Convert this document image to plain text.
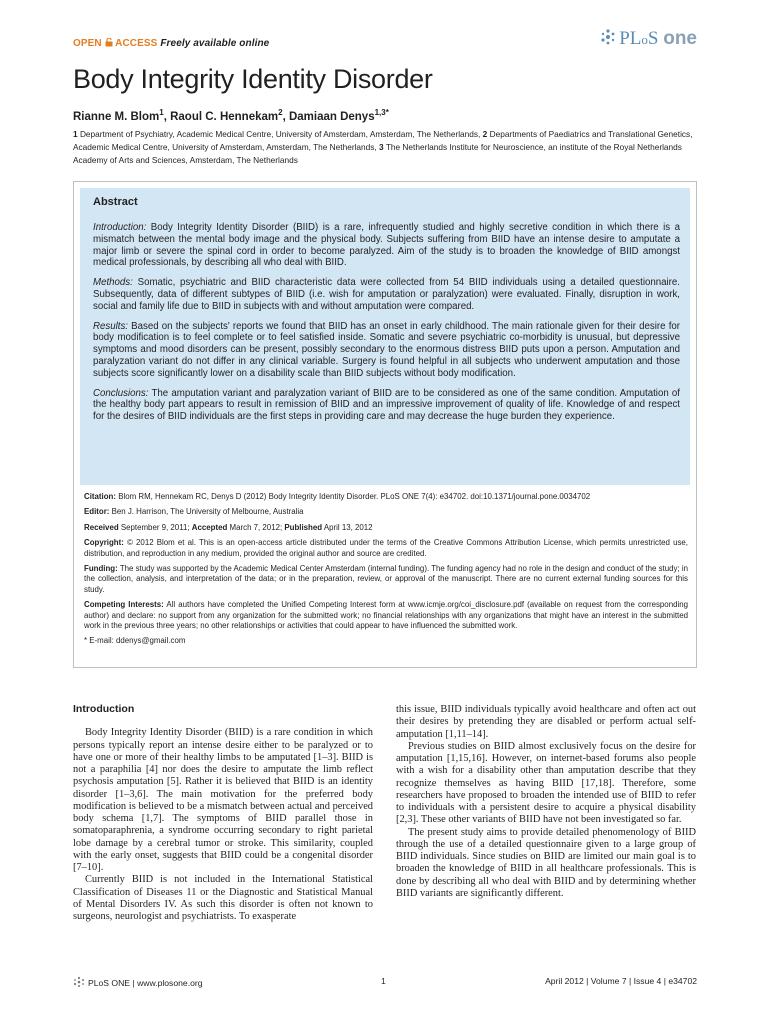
OPEN ACCESS Freely available online	PLoS one
Body Integrity Identity Disorder
Rianne M. Blom$^1$, Raoul C. Hennekam$^2$, Damiaan Denys$^{1,3*}$
1 Department of Psychiatry, Academic Medical Centre, University of Amsterdam, Amsterdam, The Netherlands, 2 Departments of Paediatrics and Translational Genetics, Academic Medical Centre, University of Amsterdam, Amsterdam, The Netherlands, 3 The Netherlands Institute for Neuroscience, an institute of the Royal Netherlands Academy of Arts and Sciences, Amsterdam, The Netherlands
Abstract

Introduction: Body Integrity Identity Disorder (BIID) is a rare, infrequently studied and highly secretive condition in which there is a mismatch between the mental body image and the physical body. Subjects suffering from BIID have an intense desire to amputate a major limb or severe the spinal cord in order to become paralyzed. Aim of the study is to broaden the knowledge of BIID amongst medical professionals, by describing all who deal with BIID.

Methods: Somatic, psychiatric and BIID characteristic data were collected from 54 BIID individuals using a detailed questionnaire. Subsequently, data of different subtypes of BIID (i.e. wish for amputation or paralyzation) were evaluated. Finally, disruption in work, social and family life due to BIID in subjects with and without amputation were compared.

Results: Based on the subjects' reports we found that BIID has an onset in early childhood. The main rationale given for their desire for body modification is to feel complete or to feel satisfied inside. Somatic and severe psychiatric co-morbidity is unusual, but depressive symptoms and mood disorders can be present, possibly secondary to the enormous distress BIID puts upon a person. Amputation and paralyzation variant do not differ in any clinical variable. Surgery is found helpful in all subjects who underwent amputation and those subjects score significantly lower on a disability scale than BIID subjects without body modification.

Conclusions: The amputation variant and paralyzation variant of BIID are to be considered as one of the same condition. Amputation of the healthy body part appears to result in remission of BIID and an impressive improvement of quality of life. Knowledge of and respect for the desires of BIID individuals are the first steps in providing care and may decrease the huge burden they experience.

Citation: Blom RM, Hennekam RC, Denys D (2012) Body Integrity Identity Disorder. PLoS ONE 7(4): e34702. doi:10.1371/journal.pone.0034702

Editor: Ben J. Harrison, The University of Melbourne, Australia

Received September 9, 2011; Accepted March 7, 2012; Published April 13, 2012

Copyright: © 2012 Blom et al. This is an open-access article distributed under the terms of the Creative Commons Attribution License, which permits unrestricted use, distribution, and reproduction in any medium, provided the original author and source are credited.

Funding: The study was supported by the Academic Medical Center Amsterdam (internal funding). The funding agency had no role in the design and conduct of the study; in the collection, analysis, and interpretation of the data; or in the preparation, review, or approval of the manuscript. There are no current external funding sources for this study.

Competing Interests: All authors have completed the Unified Competing Interest form at www.icmje.org/coi_disclosure.pdf (available on request from the corresponding author) and declare: no support from any organization for the submitted work; no financial relationships with any organizations that might have an interest in the submitted work in the previous three years; no other relationships or activities that could appear to have influenced the submitted work.

* E-mail: ddenys@gmail.com

Introduction

Body Integrity Identity Disorder (BIID) is a rare condition in which persons typically report an intense desire either to be paralyzed or to have one or more of their healthy limbs to be amputated [1–3]. BIID is not a paraphilia [4] nor does the desire to amputate the limb reflect psychosis amputation [5]. Rather it is believed that BIID is an identity disorder [1–3,6]. The main motivation for the preferred body modification is believed to be a mismatch between actual and perceived body schema [1,7]. The symptoms of BIID parallel those in somatoparaphrenia, a syndrome occurring secondary to right parietal lobe damage by a cerebral tumor or stroke. This similarity, coupled with the early onset, suggests that BIID could be a congenital disorder [7–10].

Currently BIID is not included in the International Statistical Classification of Diseases 11 or the Diagnostic and Statistical Manual of Mental Disorders IV. As such this disorder is often not known to surgeons, neurologist and psychiatrists. To exasperate

this issue, BIID individuals typically avoid healthcare and often act out their desires by pretending they are disabled or perform actual self-amputation [1,11–14].

Previous studies on BIID almost exclusively focus on the desire for amputation [1,15,16]. However, on internet-based forums also people with a wish for a disability other than amputation describe that they recognize themselves as having BIID [17,18]. Therefore, some researchers have proposed to broaden the intended use of BIID to refer to individuals with a persistent desire to acquire a physical disability [2,3]. These other variants of BIID have not been investigated so far.

The present study aims to provide detailed phenomenology of BIID through the use of a detailed questionnaire given to a large group of BIID individuals. Since studies on BIID are limited our main goal is to broaden the knowledge of BIID in all healthcare professionals. This is done by describing all who deal with BIID and by determining whether BIID variants are significantly different.

PLoS ONE | www.plosone.org	1	April 2012 | Volume 7 | Issue 4 | e34702
